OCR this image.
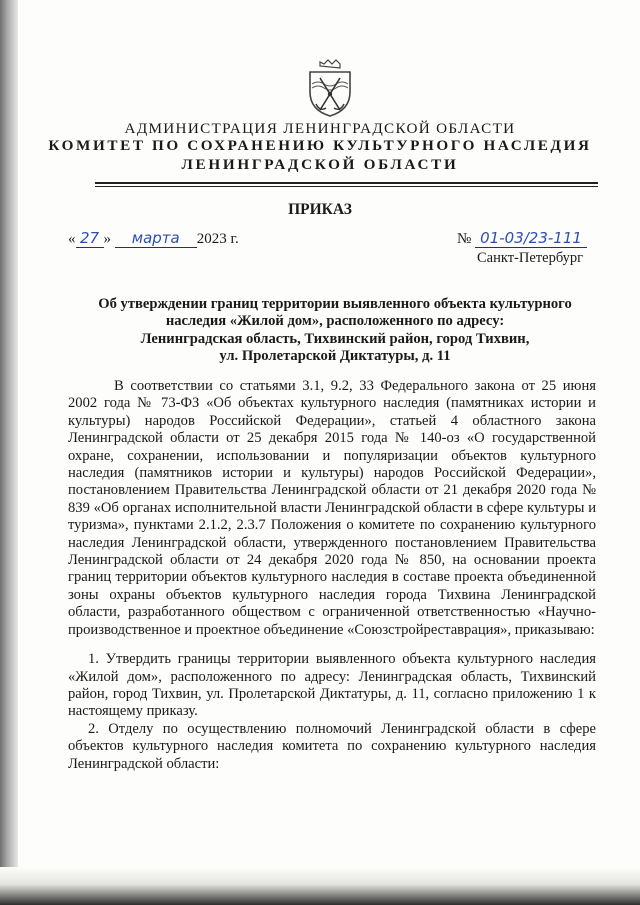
АДМИНИСТРАЦИЯ ЛЕНИНГРАДСКОЙ ОБЛАСТИ
КОМИТЕТ ПО СОХРАНЕНИЮ КУЛЬТУРНОГО НАСЛЕДИЯ
ЛЕНИНГРАДСКОЙ ОБЛАСТИ
ПРИКАЗ
« 27 » марта 2023 г.	№ 01-03/23-111
Санкт-Петербург
Об утверждении границ территории выявленного объекта культурного
наследия «Жилой дом», расположенного по адресу:
Ленинградская область, Тихвинский район, город Тихвин,
ул. Пролетарской Диктатуры, д. 11

В соответствии со статьями 3.1, 9.2, 33 Федерального закона от 25 июня 2002 года № 73-ФЗ «Об объектах культурного наследия (памятниках истории и культуры) народов Российской Федерации», статьей 4 областного закона Ленинградской области от 25 декабря 2015 года № 140-оз «О государственной охране, сохранении, использовании и популяризации объектов культурного наследия (памятников истории и культуры) народов Российской Федерации», постановлением Правительства Ленинградской области от 21 декабря 2020 года № 839 «Об органах исполнительной власти Ленинградской области в сфере культуры и туризма», пунктами 2.1.2, 2.3.7 Положения о комитете по сохранению культурного наследия Ленинградской области, утвержденного постановлением Правительства Ленинградской области от 24 декабря 2020 года № 850, на основании проекта границ территории объектов культурного наследия в составе проекта объединенной зоны охраны объектов культурного наследия города Тихвина Ленинградской области, разработанного обществом с ограниченной ответственностью «Научно-производственное и проектное объединение «Союзстройреставрация», приказываю:

1. Утвердить границы территории выявленного объекта культурного наследия «Жилой дом», расположенного по адресу: Ленинградская область, Тихвинский район, город Тихвин, ул. Пролетарской Диктатуры, д. 11, согласно приложению 1 к настоящему приказу.

2. Отделу по осуществлению полномочий Ленинградской области в сфере объектов культурного наследия комитета по сохранению культурного наследия Ленинградской области:
